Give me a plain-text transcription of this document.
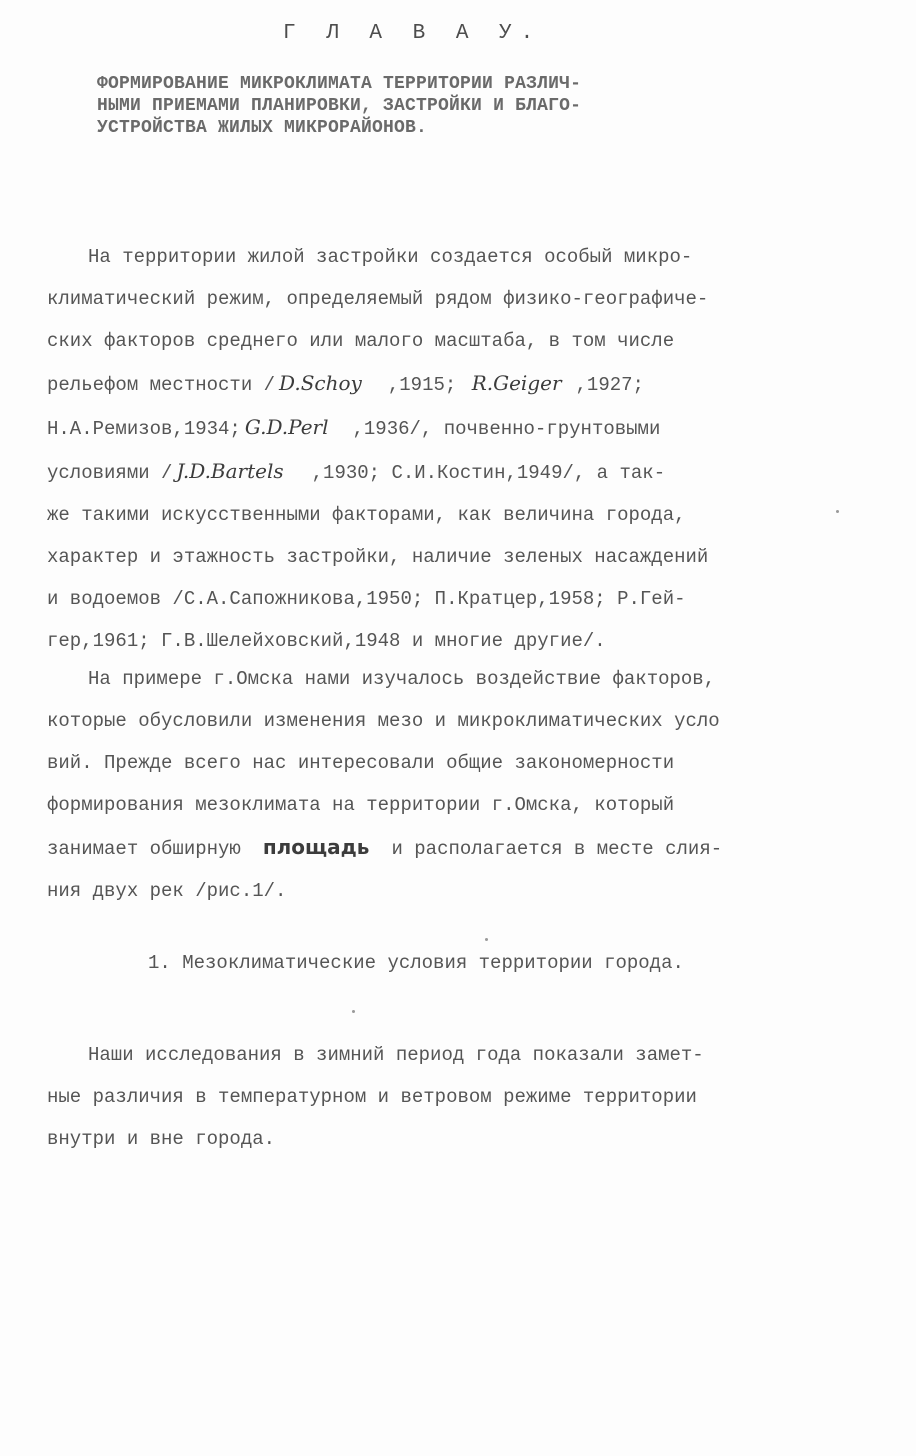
Г Л А В А У.
ФОРМИРОВАНИЕ МИКРОКЛИМАТА ТЕРРИТОРИИ РАЗЛИЧ-
НЫМИ ПРИЕМАМИ ПЛАНИРОВКИ, ЗАСТРОЙКИ И БЛАГО-
УСТРОЙСТВА ЖИЛЫХ МИКРОРАЙОНОВ.
На территории жилой застройки создается особый микро-
климатический режим, определяемый рядом физико-географиче-
ских факторов среднего или малого масштаба, в том числе
рельефом местности / D.Schoy ,1915; R.Geiger ,1927;
Н.А.Ремизов,1934; G.D.Perl ,1936/, почвенно-грунтовыми
условиями / J.D.Bartels ,1930; С.И.Костин,1949/, а так-
же такими искусственными факторами, как величина города,
характер и этажность застройки, наличие зеленых насаждений
и водоемов /С.А.Сапожникова,1950; П.Кратцер,1958; Р.Гей-
гер,1961; Г.В.Шелейховский,1948 и многие другие/.
На примере г.Омска нами изучалось воздействие факторов,
которые обусловили изменения мезо и микроклиматических усло
вий. Прежде всего нас интересовали общие закономерности
формирования мезоклимата на территории г.Омска, который
занимает обширную площадь и располагается в месте слия-
ния двух рек /рис.1/.
1. Мезоклиматические условия территории города.
Наши исследования в зимний период года показали замет-
ные различия в температурном и ветровом режиме территории
внутри и вне города.
